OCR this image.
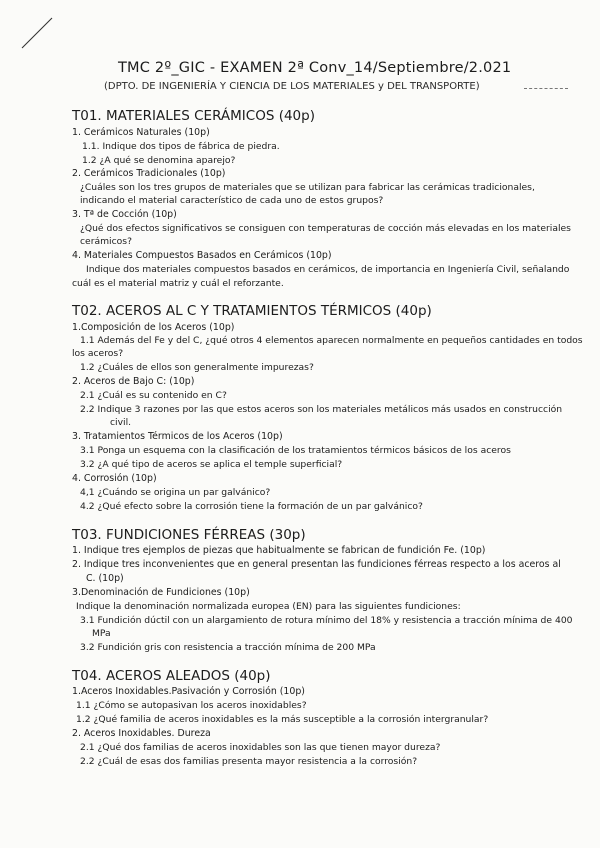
TMC 2º_GIC - EXAMEN 2ª Conv_14/Septiembre/2.021
(DPTO. DE INGENIERÍA Y CIENCIA DE LOS MATERIALES y DEL TRANSPORTE)
T01. MATERIALES CERÁMICOS (40p)
1. Cerámicos Naturales (10p)
1.1. Indique dos tipos de fábrica de piedra.
1.2 ¿A qué se denomina aparejo?
2. Cerámicos Tradicionales (10p)
¿Cuáles son los tres grupos de materiales que se utilizan para fabricar las cerámicas tradicionales,
indicando el material característico de cada uno de estos grupos?
3. Tª de Cocción (10p)
¿Qué dos efectos significativos se consiguen con temperaturas de cocción más elevadas en los materiales
cerámicos?
4. Materiales Compuestos Basados en Cerámicos (10p)
Indique dos materiales compuestos basados en cerámicos, de importancia en Ingeniería Civil, señalando
cuál es el material matriz y cuál el reforzante.
T02. ACEROS AL C Y TRATAMIENTOS TÉRMICOS (40p)
1.Composición de los Aceros (10p)
1.1 Además del Fe y del C, ¿qué otros 4 elementos aparecen normalmente en pequeños cantidades en todos
los aceros?
1.2 ¿Cuáles de ellos son generalmente impurezas?
2. Aceros de Bajo C: (10p)
2.1 ¿Cuál es su contenido en C?
2.2 Indique 3 razones por las que estos aceros son los materiales metálicos más usados en construcción
civil.
3. Tratamientos Térmicos de los Aceros (10p)
3.1 Ponga un esquema con la clasificación de los tratamientos térmicos básicos de los aceros
3.2 ¿A qué tipo de aceros se aplica el temple superficial?
4. Corrosión (10p)
4,1 ¿Cuándo se origina un par galvánico?
4.2 ¿Qué efecto sobre la corrosión tiene la formación de un par galvánico?
T03. FUNDICIONES FÉRREAS (30p)
1. Indique tres ejemplos de piezas que habitualmente se fabrican de fundición Fe. (10p)
2. Indique tres inconvenientes que en general presentan las fundiciones férreas respecto a los aceros al
C. (10p)
3.Denominación de Fundiciones (10p)
Indique la denominación normalizada europea (EN) para las siguientes fundiciones:
3.1 Fundición dúctil con un alargamiento de rotura mínimo del 18% y resistencia a tracción mínima de 400
MPa
3.2 Fundición gris con resistencia a tracción mínima de 200 MPa
T04. ACEROS ALEADOS (40p)
1.Aceros Inoxidables.Pasivación y Corrosión (10p)
1.1 ¿Cómo se autopasivan los aceros inoxidables?
1.2 ¿Qué familia de aceros inoxidables es la más susceptible a la corrosión intergranular?
2. Aceros Inoxidables. Dureza
2.1 ¿Qué dos familias de aceros inoxidables son las que tienen mayor dureza?
2.2 ¿Cuál de esas dos familias presenta mayor resistencia a la corrosión?
